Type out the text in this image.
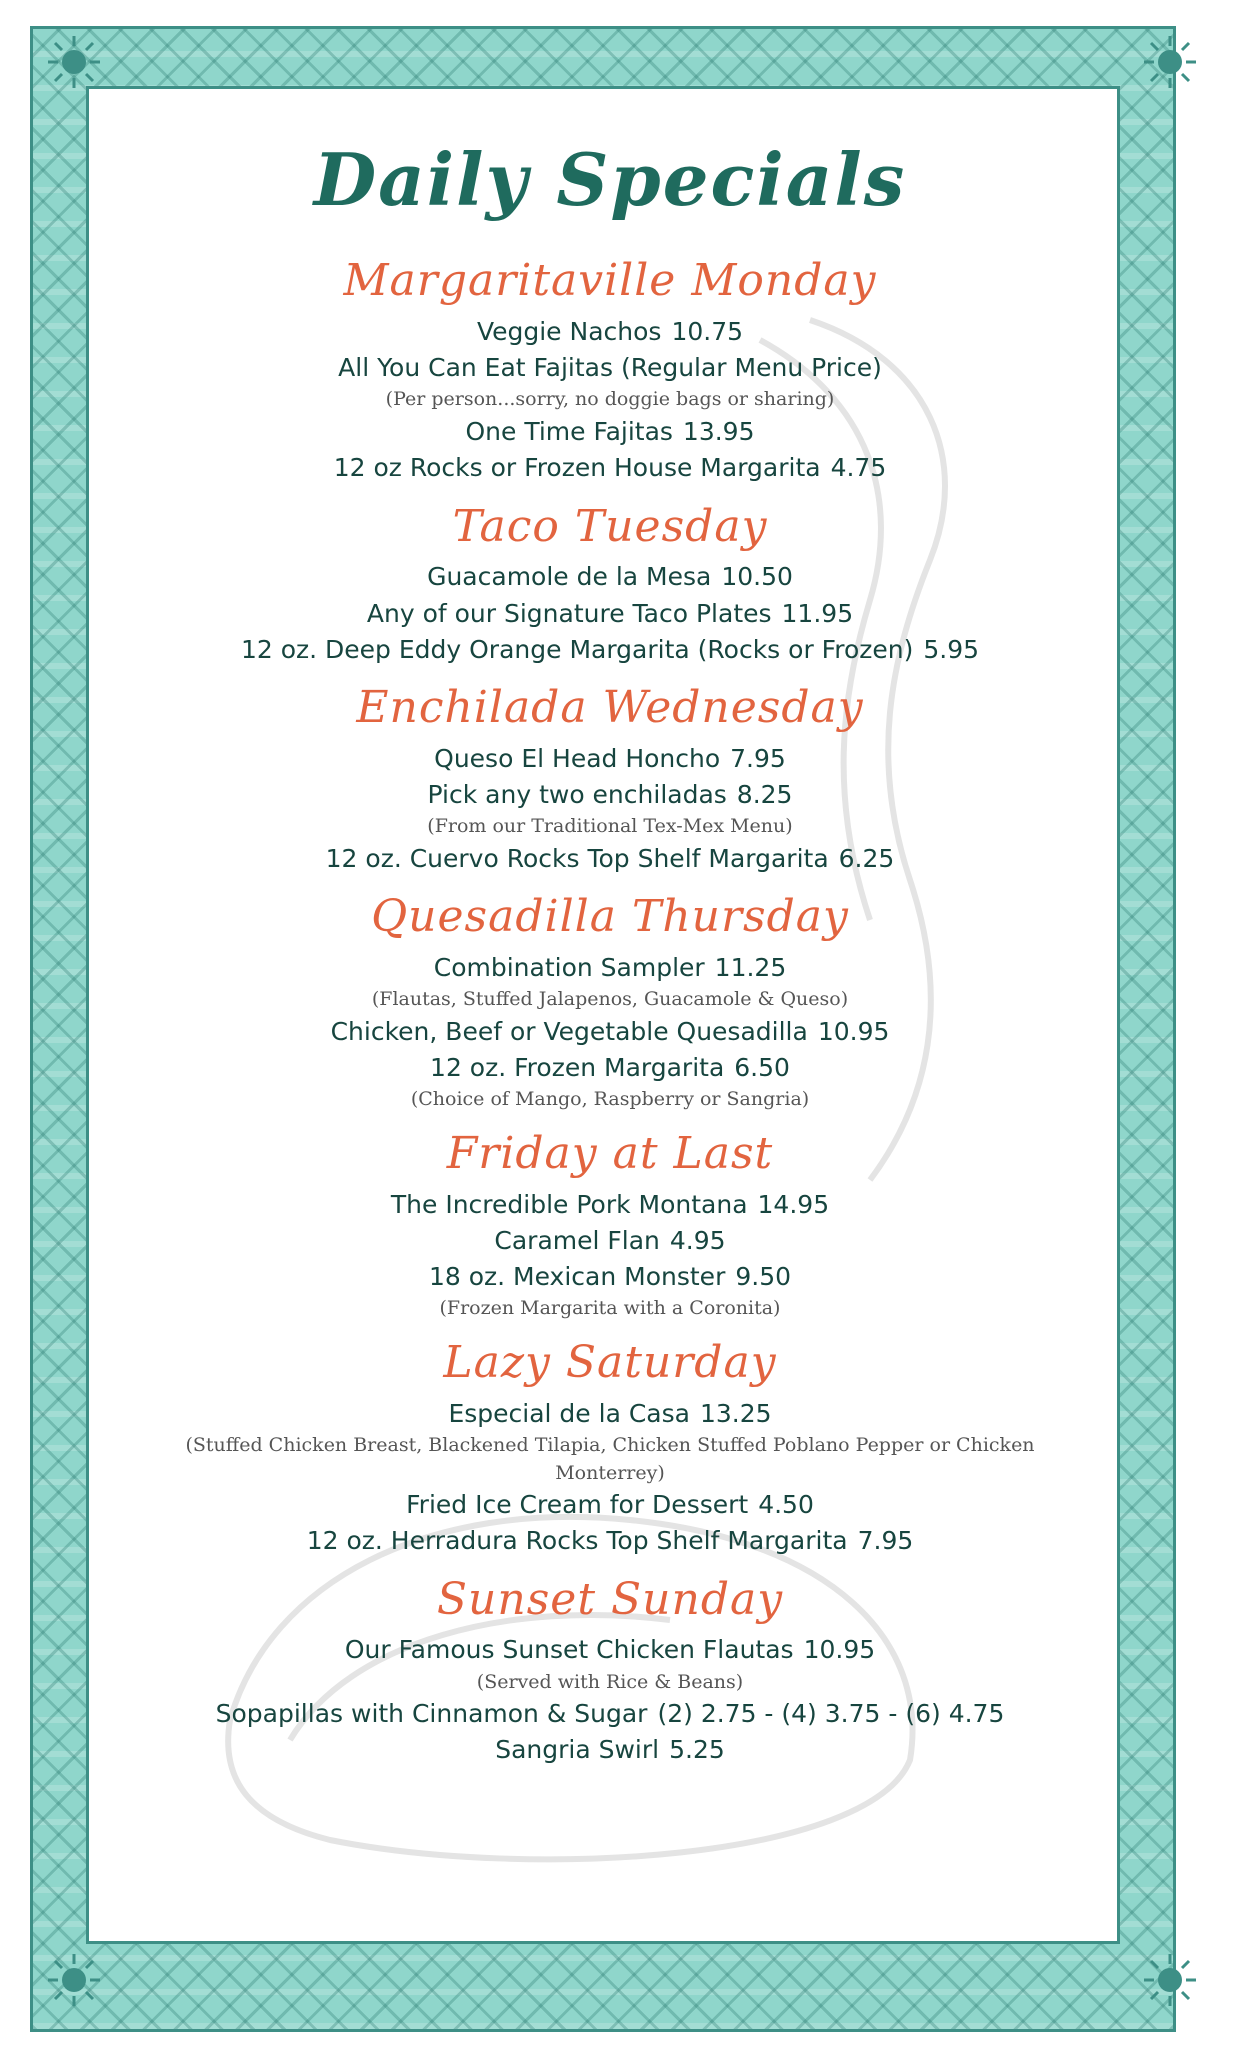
Daily Specials
Margaritaville Monday
Veggie Nachos 10.75
All You Can Eat Fajitas (Regular Menu Price)
(Per person...sorry, no doggie bags or sharing)
One Time Fajitas 13.95
12 oz Rocks or Frozen House Margarita 4.75
Taco Tuesday
Guacamole de la Mesa 10.50
Any of our Signature Taco Plates 11.95
12 oz. Deep Eddy Orange Margarita (Rocks or Frozen) 5.95
Enchilada Wednesday
Queso El Head Honcho 7.95
Pick any two enchiladas 8.25
(From our Traditional Tex-Mex Menu)
12 oz. Cuervo Rocks Top Shelf Margarita 6.25
Quesadilla Thursday
Combination Sampler 11.25
(Flautas, Stuffed Jalapenos, Guacamole & Queso)
Chicken, Beef or Vegetable Quesadilla 10.95
12 oz. Frozen Margarita 6.50
(Choice of Mango, Raspberry or Sangria)
Friday at Last
The Incredible Pork Montana 14.95
Caramel Flan 4.95
18 oz. Mexican Monster 9.50
(Frozen Margarita with a Coronita)
Lazy Saturday
Especial de la Casa 13.25
(Stuffed Chicken Breast, Blackened Tilapia, Chicken Stuffed Poblano Pepper or Chicken Monterrey)
Fried Ice Cream for Dessert 4.50
12 oz. Herradura Rocks Top Shelf Margarita 7.95
Sunset Sunday
Our Famous Sunset Chicken Flautas 10.95
(Served with Rice & Beans)
Sopapillas with Cinnamon & Sugar (2) 2.75 - (4) 3.75 - (6) 4.75
Sangria Swirl 5.25
